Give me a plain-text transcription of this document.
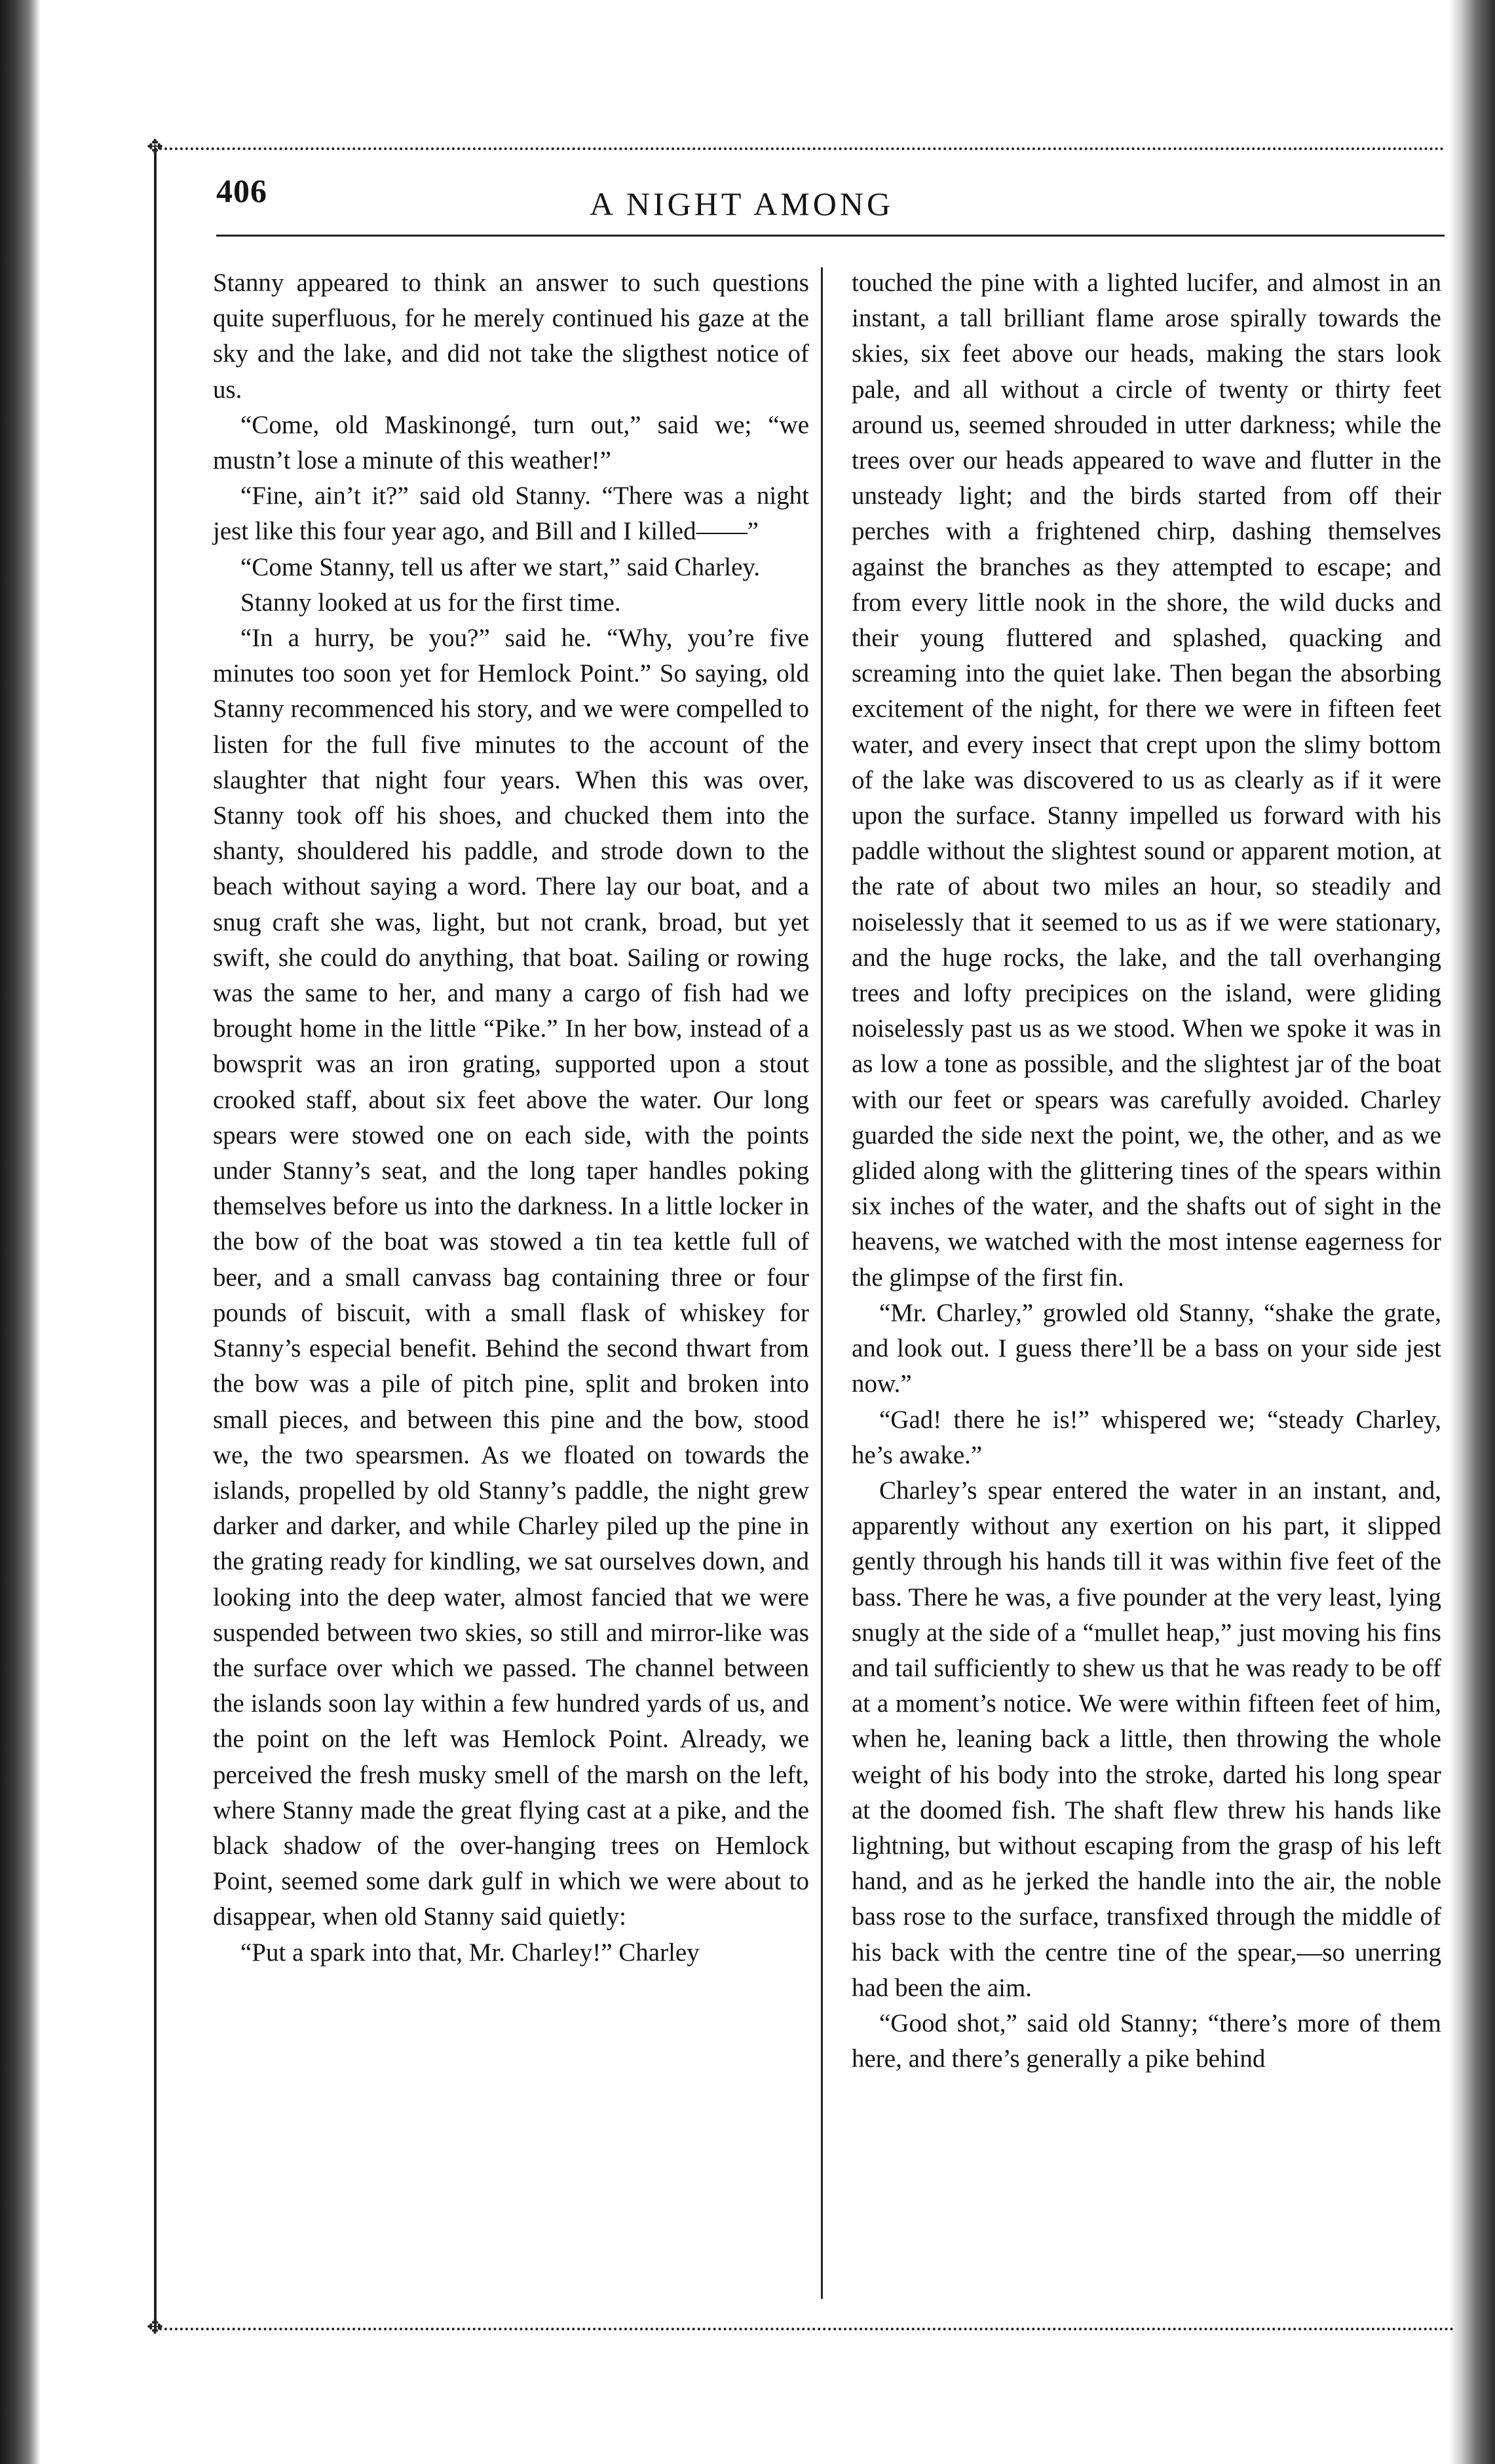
✥
✥
406	A NIGHT AMONG

Stanny appeared to think an answer to such questions quite superfluous, for he merely continued his gaze at the sky and the lake, and did not take the sligthest notice of us.

“Come, old Maskinongé, turn out,” said we; “we mustn’t lose a minute of this weather!”

“Fine, ain’t it?” said old Stanny. “There was a night jest like this four year ago, and Bill and I killed——”

“Come Stanny, tell us after we start,” said Charley.

Stanny looked at us for the first time.

“In a hurry, be you?” said he. “Why, you’re five minutes too soon yet for Hemlock Point.” So saying, old Stanny recommenced his story, and we were compelled to listen for the full five minutes to the account of the slaughter that night four years. When this was over, Stanny took off his shoes, and chucked them into the shanty, shouldered his paddle, and strode down to the beach without saying a word. There lay our boat, and a snug craft she was, light, but not crank, broad, but yet swift, she could do anything, that boat. Sailing or rowing was the same to her, and many a cargo of fish had we brought home in the little “Pike.” In her bow, instead of a bowsprit was an iron grating, supported upon a stout crooked staff, about six feet above the water. Our long spears were stowed one on each side, with the points under Stanny’s seat, and the long taper handles poking themselves before us into the darkness. In a little locker in the bow of the boat was stowed a tin tea kettle full of beer, and a small canvass bag containing three or four pounds of biscuit, with a small flask of whiskey for Stanny’s especial benefit. Behind the second thwart from the bow was a pile of pitch pine, split and broken into small pieces, and between this pine and the bow, stood we, the two spearsmen. As we floated on towards the islands, propelled by old Stanny’s paddle, the night grew darker and darker, and while Charley piled up the pine in the grating ready for kindling, we sat ourselves down, and looking into the deep water, almost fancied that we were suspended between two skies, so still and mirror-like was the surface over which we passed. The channel between the islands soon lay within a few hundred yards of us, and the point on the left was Hemlock Point. Already, we perceived the fresh musky smell of the marsh on the left, where Stanny made the great flying cast at a pike, and the black shadow of the over-hanging trees on Hemlock Point, seemed some dark gulf in which we were about to disappear, when old Stanny said quietly:

“Put a spark into that, Mr. Charley!” Charley

touched the pine with a lighted lucifer, and almost in an instant, a tall brilliant flame arose spirally towards the skies, six feet above our heads, making the stars look pale, and all without a circle of twenty or thirty feet around us, seemed shrouded in utter darkness; while the trees over our heads appeared to wave and flutter in the unsteady light; and the birds started from off their perches with a frightened chirp, dashing themselves against the branches as they attempted to escape; and from every little nook in the shore, the wild ducks and their young fluttered and splashed, quacking and screaming into the quiet lake. Then began the absorbing excitement of the night, for there we were in fifteen feet water, and every insect that crept upon the slimy bottom of the lake was discovered to us as clearly as if it were upon the surface. Stanny impelled us forward with his paddle without the slightest sound or apparent motion, at the rate of about two miles an hour, so steadily and noiselessly that it seemed to us as if we were stationary, and the huge rocks, the lake, and the tall overhanging trees and lofty precipices on the island, were gliding noiselessly past us as we stood. When we spoke it was in as low a tone as possible, and the slightest jar of the boat with our feet or spears was carefully avoided. Charley guarded the side next the point, we, the other, and as we glided along with the glittering tines of the spears within six inches of the water, and the shafts out of sight in the heavens, we watched with the most intense eagerness for the glimpse of the first fin.

“Mr. Charley,” growled old Stanny, “shake the grate, and look out. I guess there’ll be a bass on your side jest now.”

“Gad! there he is!” whispered we; “steady Charley, he’s awake.”

Charley’s spear entered the water in an instant, and, apparently without any exertion on his part, it slipped gently through his hands till it was within five feet of the bass. There he was, a five pounder at the very least, lying snugly at the side of a “mullet heap,” just moving his fins and tail sufficiently to shew us that he was ready to be off at a moment’s notice. We were within fifteen feet of him, when he, leaning back a little, then throwing the whole weight of his body into the stroke, darted his long spear at the doomed fish. The shaft flew threw his hands like lightning, but without escaping from the grasp of his left hand, and as he jerked the handle into the air, the noble bass rose to the surface, transfixed through the middle of his back with the centre tine of the spear,—so unerring had been the aim.

“Good shot,” said old Stanny; “there’s more of them here, and there’s generally a pike behind
